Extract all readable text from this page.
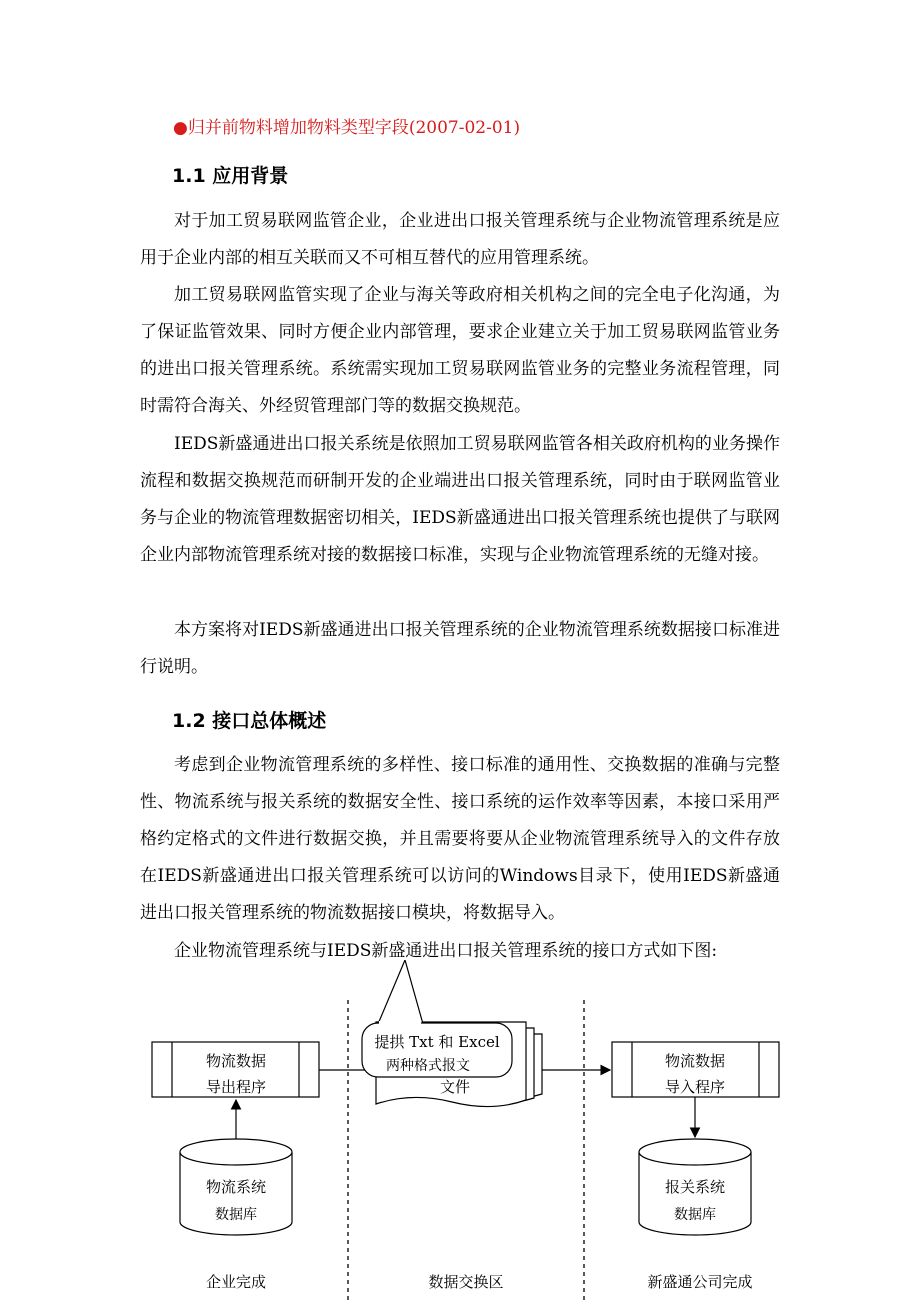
●归并前物料增加物料类型字段(2007-02-01)
1.1 应用背景

对于加工贸易联网监管企业，企业进出口报关管理系统与企业物流管理系统是应用于企业内部的相互关联而又不可相互替代的应用管理系统。

加工贸易联网监管实现了企业与海关等政府相关机构之间的完全电子化沟通，为了保证监管效果、同时方便企业内部管理，要求企业建立关于加工贸易联网监管业务的进出口报关管理系统。系统需实现加工贸易联网监管业务的完整业务流程管理，同时需符合海关、外经贸管理部门等的数据交换规范。

IEDS新盛通进出口报关系统是依照加工贸易联网监管各相关政府机构的业务操作流程和数据交换规范而研制开发的企业端进出口报关管理系统，同时由于联网监管业务与企业的物流管理数据密切相关，IEDS新盛通进出口报关管理系统也提供了与联网企业内部物流管理系统对接的数据接口标准，实现与企业物流管理系统的无缝对接。

本方案将对IEDS新盛通进出口报关管理系统的企业物流管理系统数据接口标准进行说明。

1.2 接口总体概述

考虑到企业物流管理系统的多样性、接口标准的通用性、交换数据的准确与完整性、物流系统与报关系统的数据安全性、接口系统的运作效率等因素，本接口采用严格约定格式的文件进行数据交换，并且需要将要从企业物流管理系统导入的文件存放在IEDS新盛通进出口报关管理系统可以访问的Windows目录下，使用IEDS新盛通进出口报关管理系统的物流数据接口模块，将数据导入。

企业物流管理系统与IEDS新盛通进出口报关管理系统的接口方式如下图:

物流数据
导出程序
物流系统
数据库
提拱 Txt 和 Excel
两种格式报文
文件
物流数据
导入程序
报关系统
数据库
企业完成	数据交换区	新盛通公司完成
